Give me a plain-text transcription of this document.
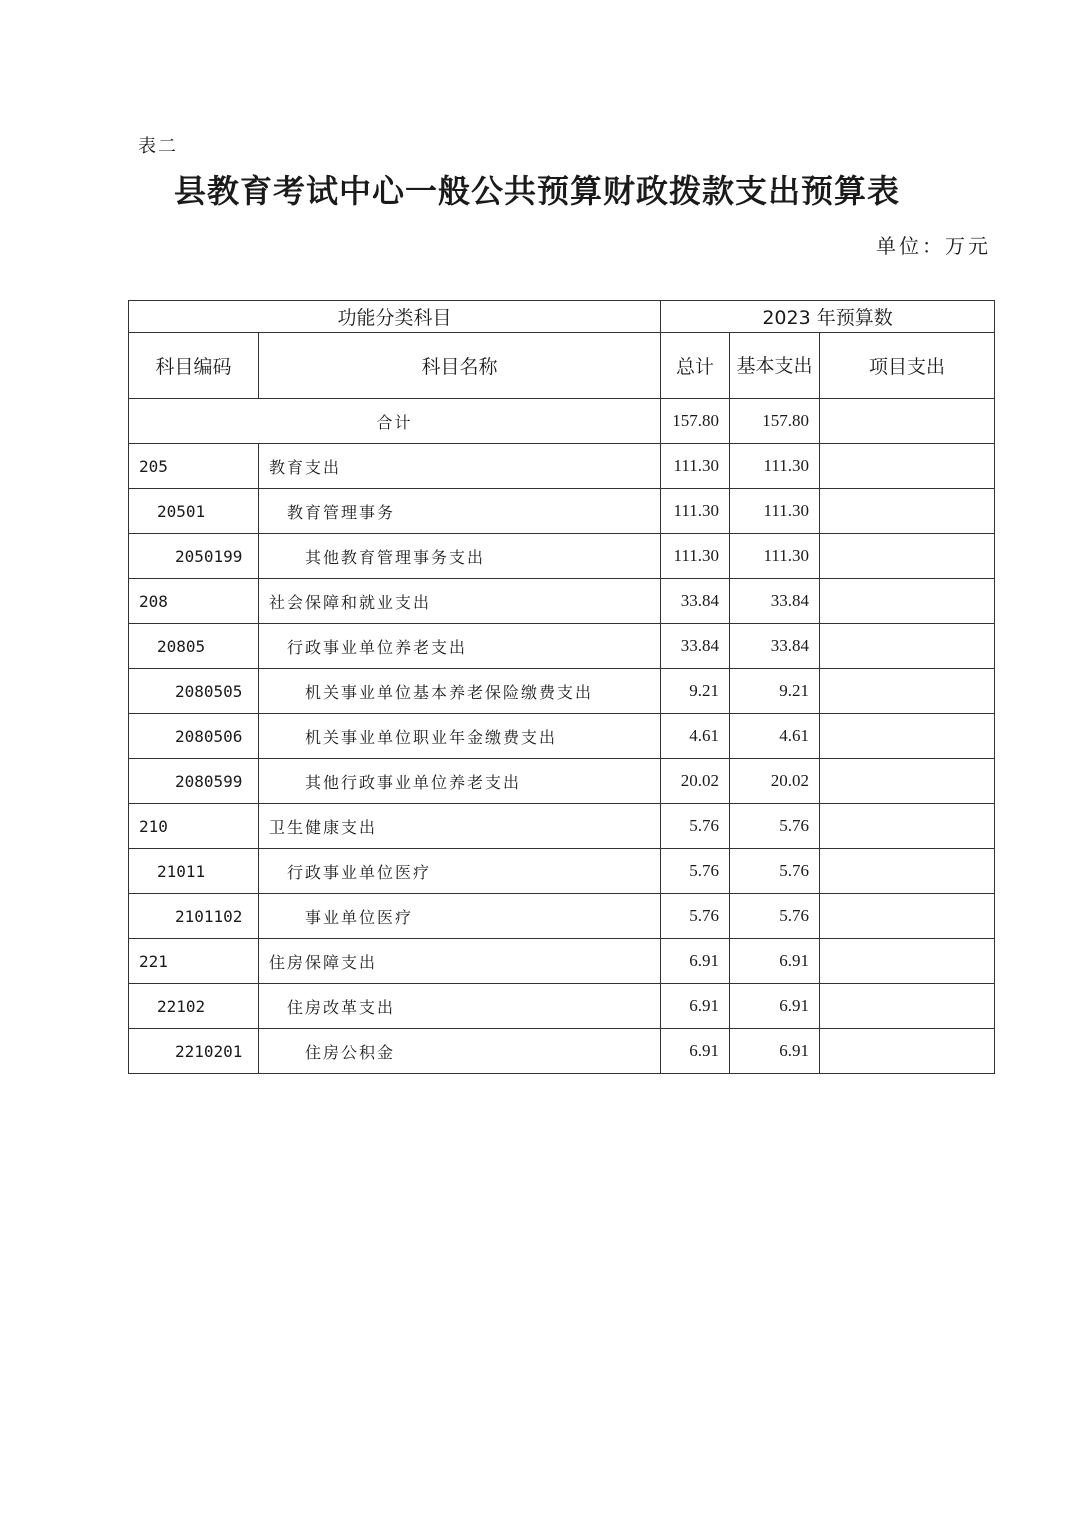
表二
县教育考试中心一般公共预算财政拨款支出预算表
单位：万元
功能分类科目		2023 年预算数		
科目编码	科目名称	总计	基本支出	项目支出
合计		157.80	157.80	
205	教育支出	111.30	111.30	
20501	教育管理事务	111.30	111.30	
2050199	其他教育管理事务支出	111.30	111.30	
208	社会保障和就业支出	33.84	33.84	
20805	行政事业单位养老支出	33.84	33.84	
2080505	机关事业单位基本养老保险缴费支出	9.21	9.21	
2080506	机关事业单位职业年金缴费支出	4.61	4.61	
2080599	其他行政事业单位养老支出	20.02	20.02	
210	卫生健康支出	5.76	5.76	
21011	行政事业单位医疗	5.76	5.76	
2101102	事业单位医疗	5.76	5.76	
221	住房保障支出	6.91	6.91	
22102	住房改革支出	6.91	6.91	
2210201	住房公积金	6.91	6.91	
